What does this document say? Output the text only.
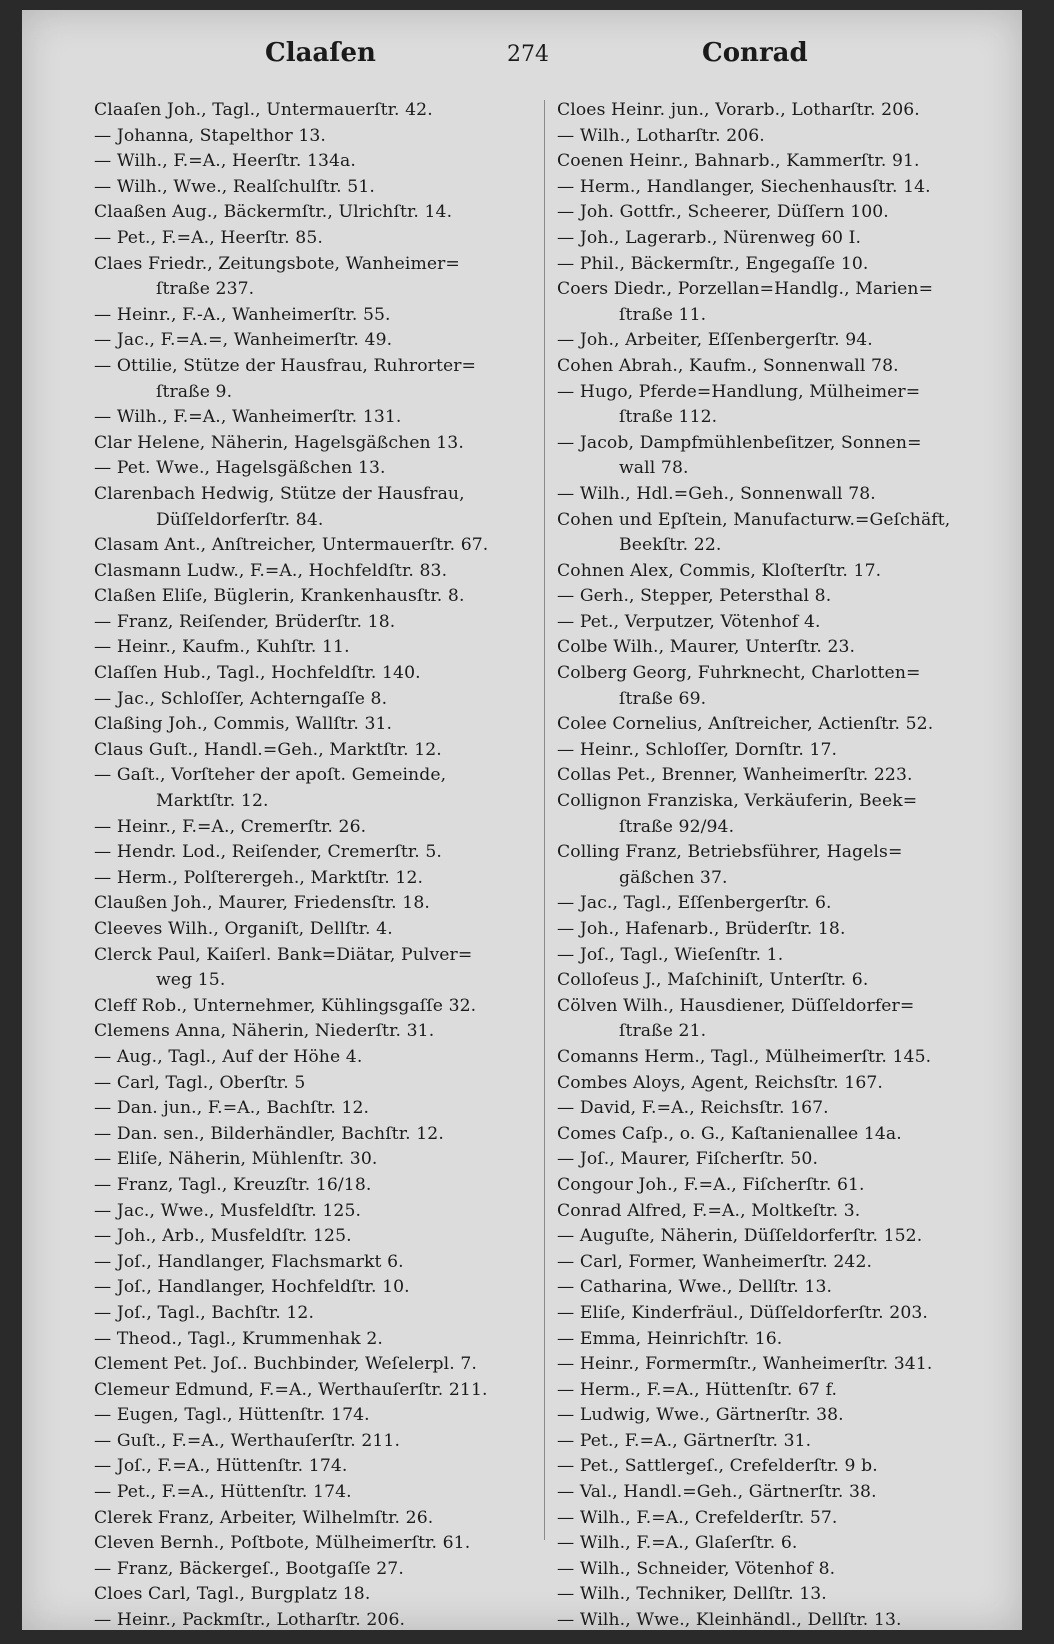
Claaſen	274	Conrad
Claaſen Joh., Tagl., Untermauerſtr. 42.
— Johanna, Stapelthor 13.
— Wilh., F.=A., Heerſtr. 134a.
— Wilh., Wwe., Realſchulſtr. 51.
Claaßen Aug., Bäckermſtr., Ulrichſtr. 14.
— Pet., F.=A., Heerſtr. 85.
Claes Friedr., Zeitungsbote, Wanheimer=
ſtraße 237.
— Heinr., F.-A., Wanheimerſtr. 55.
— Jac., F.=A.=, Wanheimerſtr. 49.
— Ottilie, Stütze der Hausfrau, Ruhrorter=
ſtraße 9.
— Wilh., F.=A., Wanheimerſtr. 131.
Clar Helene, Näherin, Hagelsgäßchen 13.
— Pet. Wwe., Hagelsgäßchen 13.
Clarenbach Hedwig, Stütze der Hausfrau,
Düſſeldorferſtr. 84.
Clasam Ant., Anſtreicher, Untermauerſtr. 67.
Clasmann Ludw., F.=A., Hochfeldſtr. 83.
Claßen Eliſe, Büglerin, Krankenhausſtr. 8.
— Franz, Reiſender, Brüderſtr. 18.
— Heinr., Kaufm., Kuhſtr. 11.
Claſſen Hub., Tagl., Hochfeldſtr. 140.
— Jac., Schloſſer, Achterngaſſe 8.
Claßing Joh., Commis, Wallſtr. 31.
Claus Guſt., Handl.=Geh., Marktſtr. 12.
— Gaſt., Vorſteher der apoſt. Gemeinde,
Marktſtr. 12.
— Heinr., F.=A., Cremerſtr. 26.
— Hendr. Lod., Reiſender, Cremerſtr. 5.
— Herm., Polſterergeh., Marktſtr. 12.
Claußen Joh., Maurer, Friedensſtr. 18.
Cleeves Wilh., Organiſt, Dellſtr. 4.
Clerck Paul, Kaiſerl. Bank=Diätar, Pulver=
weg 15.
Cleff Rob., Unternehmer, Kühlingsgaſſe 32.
Clemens Anna, Näherin, Niederſtr. 31.
— Aug., Tagl., Auf der Höhe 4.
— Carl, Tagl., Oberſtr. 5
— Dan. jun., F.=A., Bachſtr. 12.
— Dan. sen., Bilderhändler, Bachſtr. 12.
— Eliſe, Näherin, Mühlenſtr. 30.
— Franz, Tagl., Kreuzſtr. 16/18.
— Jac., Wwe., Musfeldſtr. 125.
— Joh., Arb., Musfeldſtr. 125.
— Joſ., Handlanger, Flachsmarkt 6.
— Joſ., Handlanger, Hochfeldſtr. 10.
— Joſ., Tagl., Bachſtr. 12.
— Theod., Tagl., Krummenhak 2.
Clement Pet. Joſ.. Buchbinder, Weſelerpl. 7.
Clemeur Edmund, F.=A., Werthauſerſtr. 211.
— Eugen, Tagl., Hüttenſtr. 174.
— Guſt., F.=A., Werthauſerſtr. 211.
— Joſ., F.=A., Hüttenſtr. 174.
— Pet., F.=A., Hüttenſtr. 174.
Clerek Franz, Arbeiter, Wilhelmſtr. 26.
Cleven Bernh., Poſtbote, Mülheimerſtr. 61.
— Franz, Bäckergeſ., Bootgaſſe 27.
Cloes Carl, Tagl., Burgplatz 18.
— Heinr., Packmſtr., Lotharſtr. 206.
Cloes Heinr. jun., Vorarb., Lotharſtr. 206.
— Wilh., Lotharſtr. 206.
Coenen Heinr., Bahnarb., Kammerſtr. 91.
— Herm., Handlanger, Siechenhausſtr. 14.
— Joh. Gottfr., Scheerer, Düſſern 100.
— Joh., Lagerarb., Nürenweg 60 I.
— Phil., Bäckermſtr., Engegaſſe 10.
Coers Diedr., Porzellan=Handlg., Marien=
ſtraße 11.
— Joh., Arbeiter, Eſſenbergerſtr. 94.
Cohen Abrah., Kaufm., Sonnenwall 78.
— Hugo, Pferde=Handlung, Mülheimer=
ſtraße 112.
— Jacob, Dampfmühlenbeſitzer, Sonnen=
wall 78.
— Wilh., Hdl.=Geh., Sonnenwall 78.
Cohen und Epſtein, Manufacturw.=Geſchäft,
Beekſtr. 22.
Cohnen Alex, Commis, Kloſterſtr. 17.
— Gerh., Stepper, Petersthal 8.
— Pet., Verputzer, Vötenhof 4.
Colbe Wilh., Maurer, Unterſtr. 23.
Colberg Georg, Fuhrknecht, Charlotten=
ſtraße 69.
Colee Cornelius, Anſtreicher, Actienſtr. 52.
— Heinr., Schloſſer, Dornſtr. 17.
Collas Pet., Brenner, Wanheimerſtr. 223.
Collignon Franziska, Verkäuferin, Beek=
ſtraße 92/94.
Colling Franz, Betriebsführer, Hagels=
gäßchen 37.
— Jac., Tagl., Eſſenbergerſtr. 6.
— Joh., Hafenarb., Brüderſtr. 18.
— Joſ., Tagl., Wieſenſtr. 1.
Colloſeus J., Maſchiniſt, Unterſtr. 6.
Cölven Wilh., Hausdiener, Düſſeldorfer=
ſtraße 21.
Comanns Herm., Tagl., Mülheimerſtr. 145.
Combes Aloys, Agent, Reichsſtr. 167.
— David, F.=A., Reichsſtr. 167.
Comes Caſp., o. G., Kaſtanienallee 14a.
— Joſ., Maurer, Fiſcherſtr. 50.
Congour Joh., F.=A., Fiſcherſtr. 61.
Conrad Alfred, F.=A., Moltkeſtr. 3.
— Auguſte, Näherin, Düſſeldorferſtr. 152.
— Carl, Former, Wanheimerſtr. 242.
— Catharina, Wwe., Dellſtr. 13.
— Eliſe, Kinderfräul., Düſſeldorferſtr. 203.
— Emma, Heinrichſtr. 16.
— Heinr., Formermſtr., Wanheimerſtr. 341.
— Herm., F.=A., Hüttenſtr. 67 f.
— Ludwig, Wwe., Gärtnerſtr. 38.
— Pet., F.=A., Gärtnerſtr. 31.
— Pet., Sattlergeſ., Crefelderſtr. 9 b.
— Val., Handl.=Geh., Gärtnerſtr. 38.
— Wilh., F.=A., Crefelderſtr. 57.
— Wilh., F.=A., Glaſerſtr. 6.
— Wilh., Schneider, Vötenhof 8.
— Wilh., Techniker, Dellſtr. 13.
— Wilh., Wwe., Kleinhändl., Dellſtr. 13.
